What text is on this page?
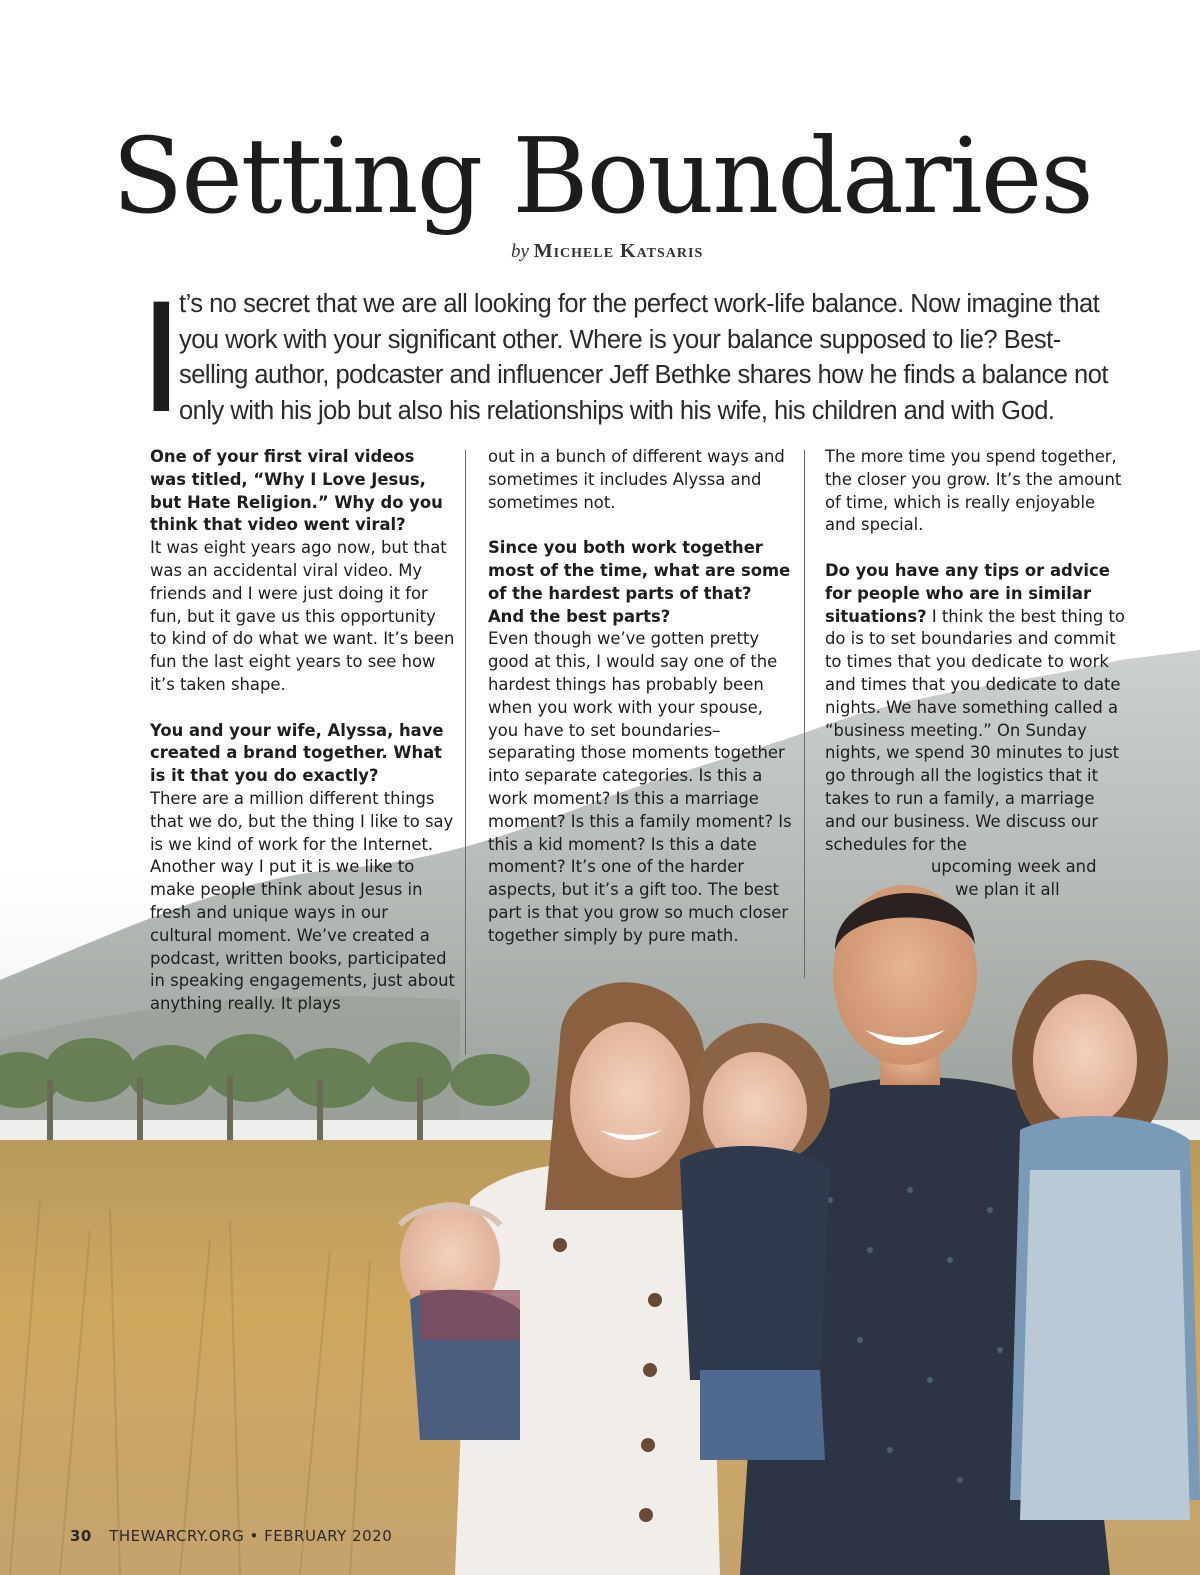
Setting Boundaries
by Michele Katsaris
I t’s no secret that we are all looking for the perfect work-life balance. Now imagine that you work with your significant other. Where is your balance supposed to lie? Best-selling author, podcaster and influencer Jeff Bethke shares how he finds a balance not only with his job but also his relationships with his wife, his children and with God.

One of your first viral videos was titled, “Why I Love Jesus, but Hate Religion.” Why do you think that video went viral?

It was eight years ago now, but that was an accidental viral video. My friends and I were just doing it for fun, but it gave us this opportunity to kind of do what we want. It’s been fun the last eight years to see how it’s taken shape.

You and your wife, Alyssa, have created a brand together. What is it that you do exactly?

There are a million different things that we do, but the thing I like to say is we kind of work for the Internet. Another way I put it is we like to make people think about Jesus in fresh and unique ways in our cultural moment. We’ve created a podcast, written books, participated in speaking engagements, just about anything really. It plays

out in a bunch of different ways and sometimes it includes Alyssa and sometimes not.

Since you both work together most of the time, what are some of the hardest parts of that? And the best parts?

Even though we’ve gotten pretty good at this, I would say one of the hardest things has probably been when you work with your spouse, you have to set boundaries–separating those moments together into separate categories. Is this a work moment? Is this a marriage moment? Is this a family moment? Is this a kid moment? Is this a date moment? It’s one of the harder aspects, but it’s a gift too. The best part is that you grow so much closer together simply by pure math.

The more time you spend together, the closer you grow. It’s the amount of time, which is really enjoyable and special.

Do you have any tips or advice for people who are in similar situations? I think the best thing to do is to set boundaries and commit to times that you dedicate to work and times that you dedicate to date nights. We have something called a “business meeting.” On Sunday nights, we spend 30 minutes to just go through all the logistics that it takes to run a family, a marriage and our business. We discuss our schedules for the
upcoming week and
we plan it all
30 THEWARCRY.ORG • FEBRUARY 2020
